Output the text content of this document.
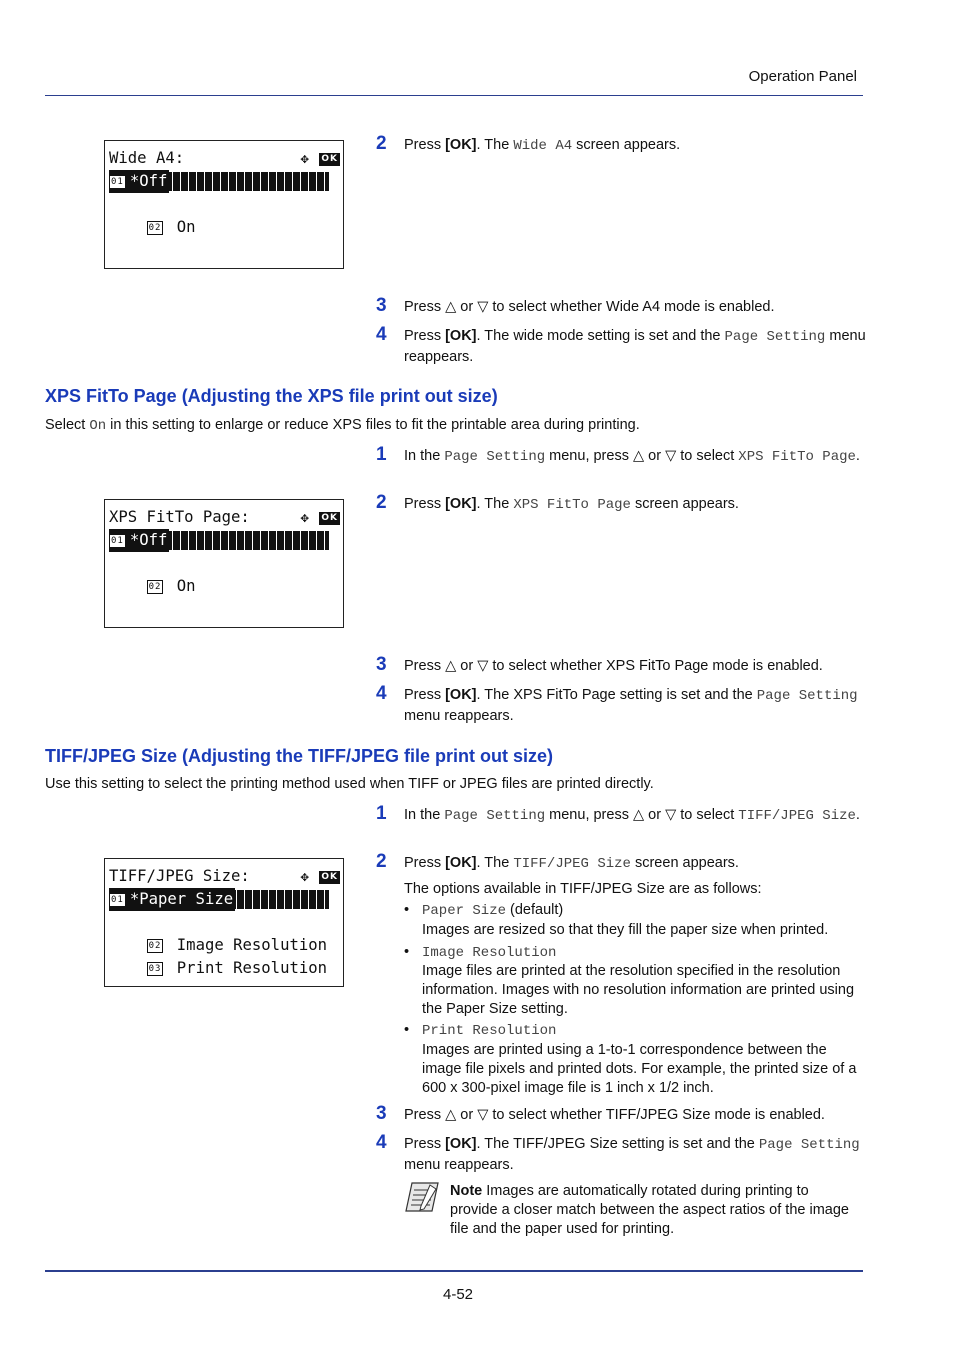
Operation Panel

Wide A4:

	✥ OK

01 *Off

02 On

2 Press [OK]. The Wide A4 screen appears.
3 Press △ or ▽ to select whether Wide A4 mode is enabled.
4 Press [OK]. The wide mode setting is set and the Page Setting menu reappears.
XPS FitTo Page (Adjusting the XPS file print out size)
Select On in this setting to enlarge or reduce XPS files to fit the printable area during printing.
1 In the Page Setting menu, press △ or ▽ to select XPS FitTo Page.

XPS FitTo Page:

	✥ OK

01 *Off

02 On

2 Press [OK]. The XPS FitTo Page screen appears.
3 Press △ or ▽ to select whether XPS FitTo Page mode is enabled.
4 Press [OK]. The XPS FitTo Page setting is set and the Page Setting menu reappears.
TIFF/JPEG Size (Adjusting the TIFF/JPEG file print out size)
Use this setting to select the printing method used when TIFF or JPEG files are printed directly.
1 In the Page Setting menu, press △ or ▽ to select TIFF/JPEG Size.

TIFF/JPEG Size:

	✥ OK

01 *Paper Size

02 Image Resolution

03 Print Resolution

2 Press [OK]. The TIFF/JPEG Size screen appears.
The options available in TIFF/JPEG Size are as follows:
• Paper Size (default)
Images are resized so that they fill the paper size when printed.
• Image Resolution
Image files are printed at the resolution specified in the resolution information. Images with no resolution information are printed using the Paper Size setting.
• Print Resolution
Images are printed using a 1-to-1 correspondence between the image file pixels and printed dots. For example, the printed size of a 600 x 300-pixel image file is 1 inch x 1/2 inch.
3 Press △ or ▽ to select whether TIFF/JPEG Size mode is enabled.
4 Press [OK]. The TIFF/JPEG Size setting is set and the Page Setting menu reappears.
Note Images are automatically rotated during printing to provide a closer match between the aspect ratios of the image file and the paper used for printing.
4-52
